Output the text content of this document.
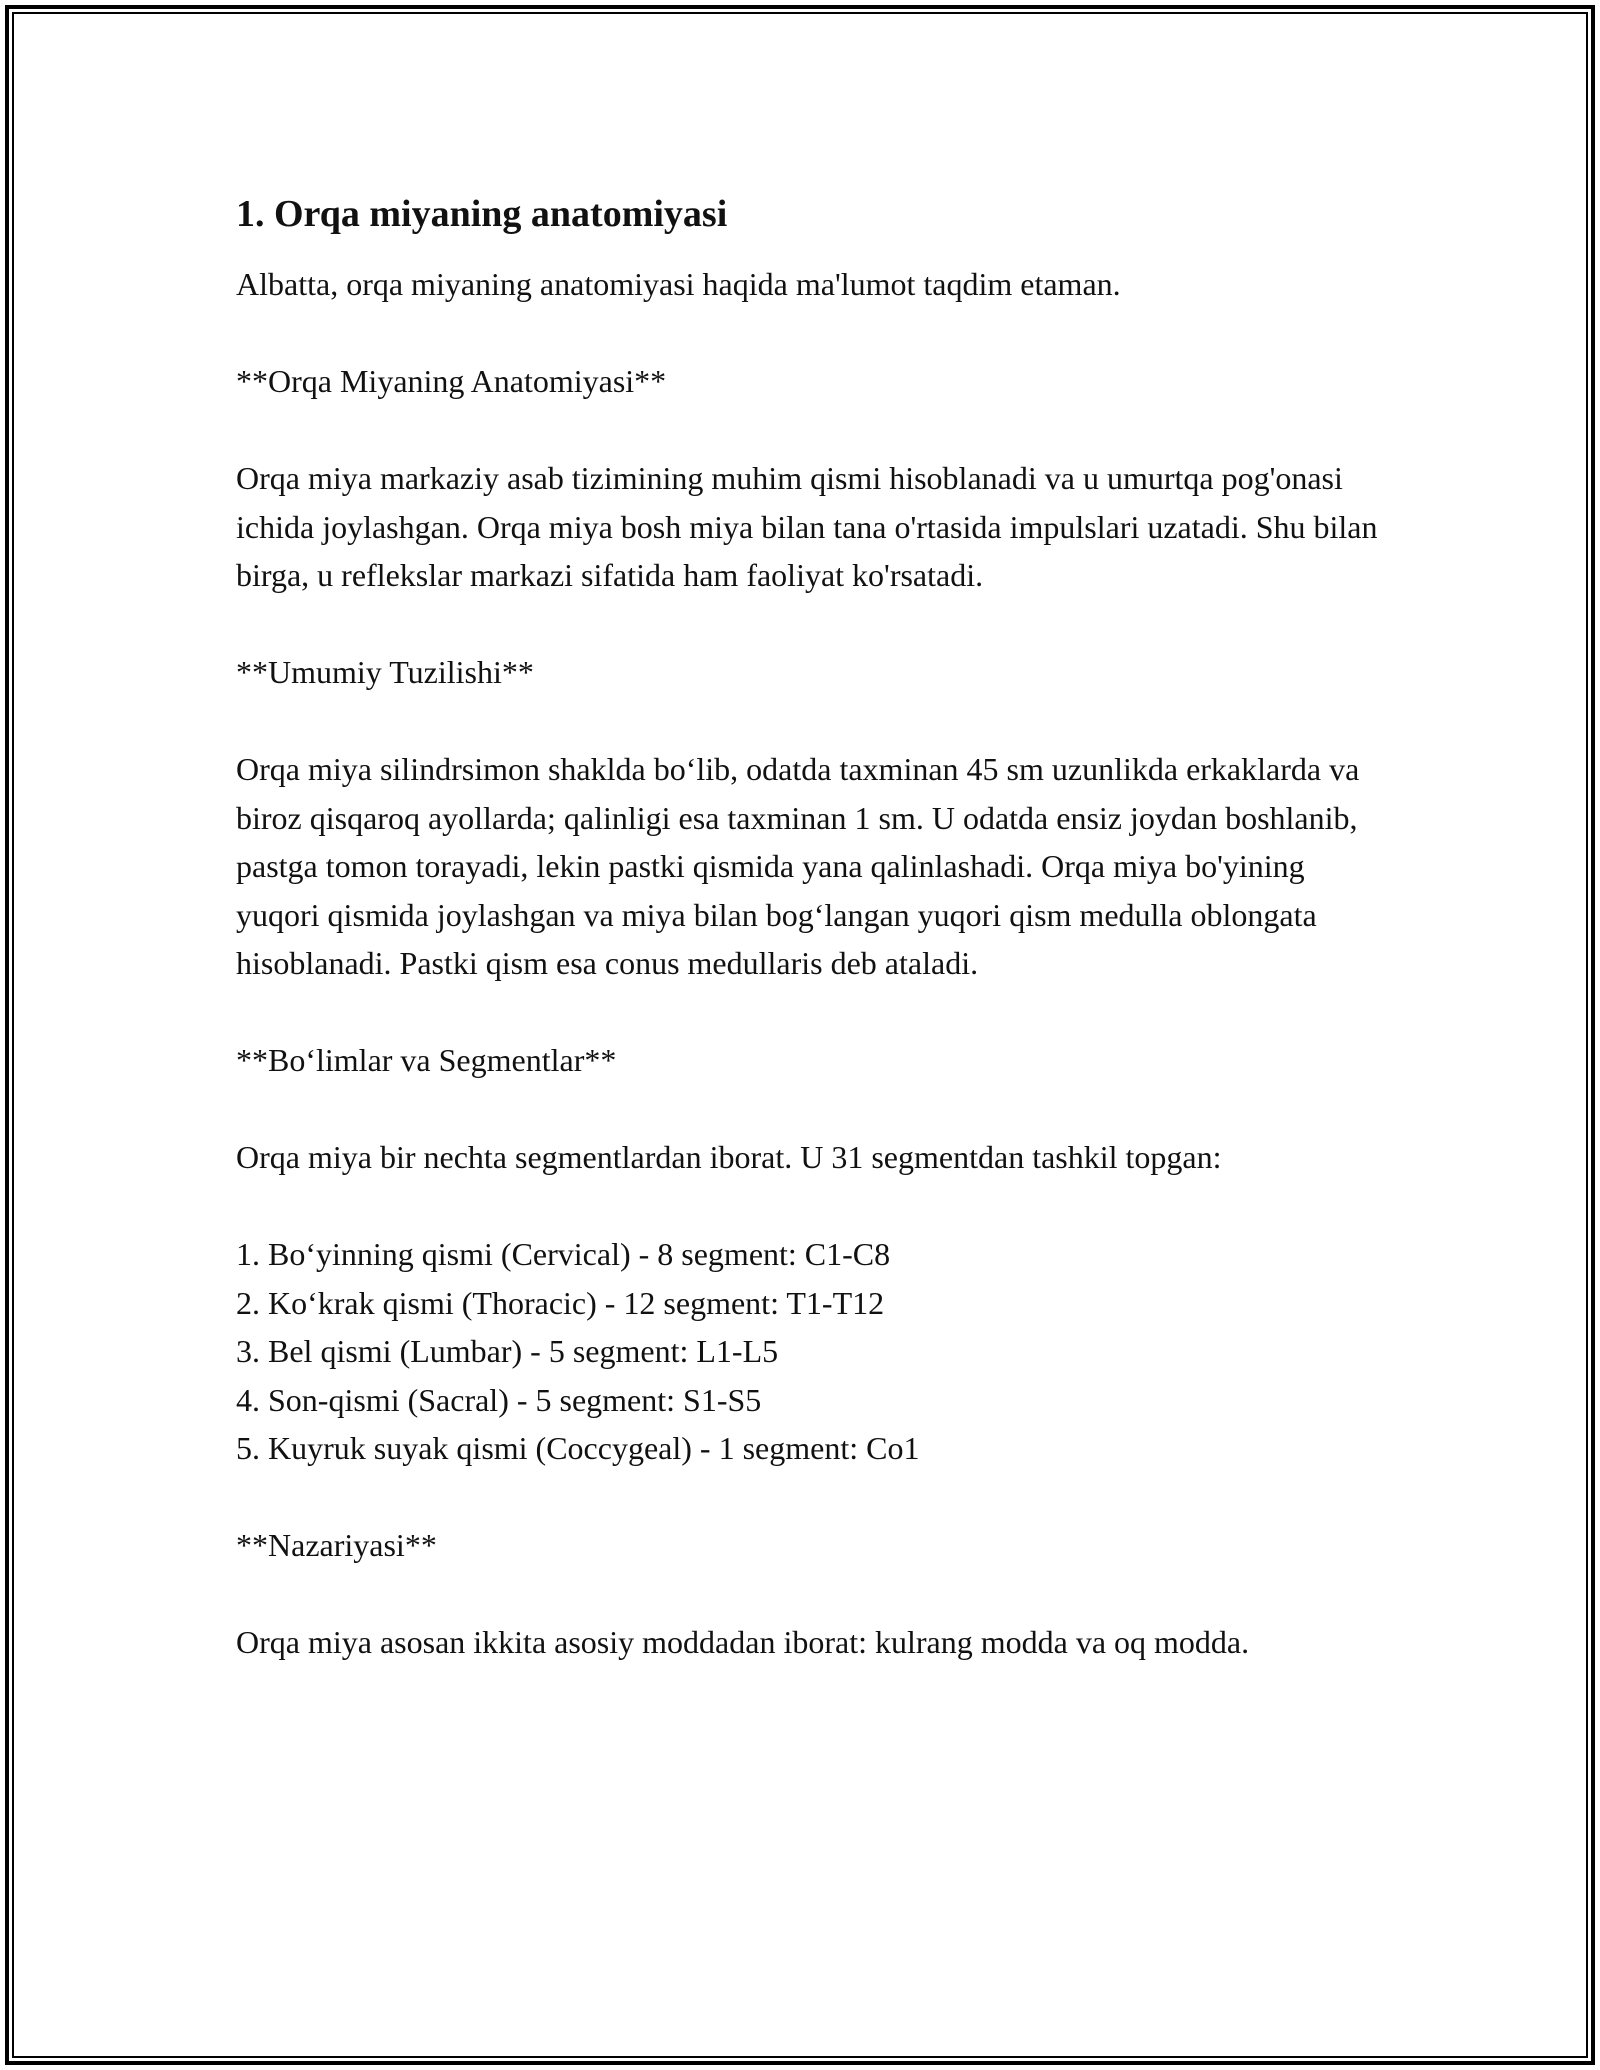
1. Orqa miyaning anatomiyasi

Albatta, orqa miyaning anatomiyasi haqida ma'lumot taqdim etaman.

**Orqa Miyaning Anatomiyasi**

Orqa miya markaziy asab tizimining muhim qismi hisoblanadi va u umurtqa pog'onasi ichida joylashgan. Orqa miya bosh miya bilan tana o'rtasida impulslari uzatadi. Shu bilan birga, u reflekslar markazi sifatida ham faoliyat ko'rsatadi.

**Umumiy Tuzilishi**

Orqa miya silindrsimon shaklda bo‘lib, odatda taxminan 45 sm uzunlikda erkaklarda va biroz qisqaroq ayollarda; qalinligi esa taxminan 1 sm. U odatda ensiz joydan boshlanib, pastga tomon torayadi, lekin pastki qismida yana qalinlashadi. Orqa miya bo'yining yuqori qismida joylashgan va miya bilan bog‘langan yuqori qism medulla oblongata hisoblanadi. Pastki qism esa conus medullaris deb ataladi.

**Bo‘limlar va Segmentlar**

Orqa miya bir nechta segmentlardan iborat. U 31 segmentdan tashkil topgan:

1. Bo‘yinning qismi (Cervical) - 8 segment: C1-C8
2. Ko‘krak qismi (Thoracic) - 12 segment: T1-T12
3. Bel qismi (Lumbar) - 5 segment: L1-L5
4. Son-qismi (Sacral) - 5 segment: S1-S5
5. Kuyruk suyak qismi (Coccygeal) - 1 segment: Co1

**Nazariyasi**

Orqa miya asosan ikkita asosiy moddadan iborat: kulrang modda va oq modda.
